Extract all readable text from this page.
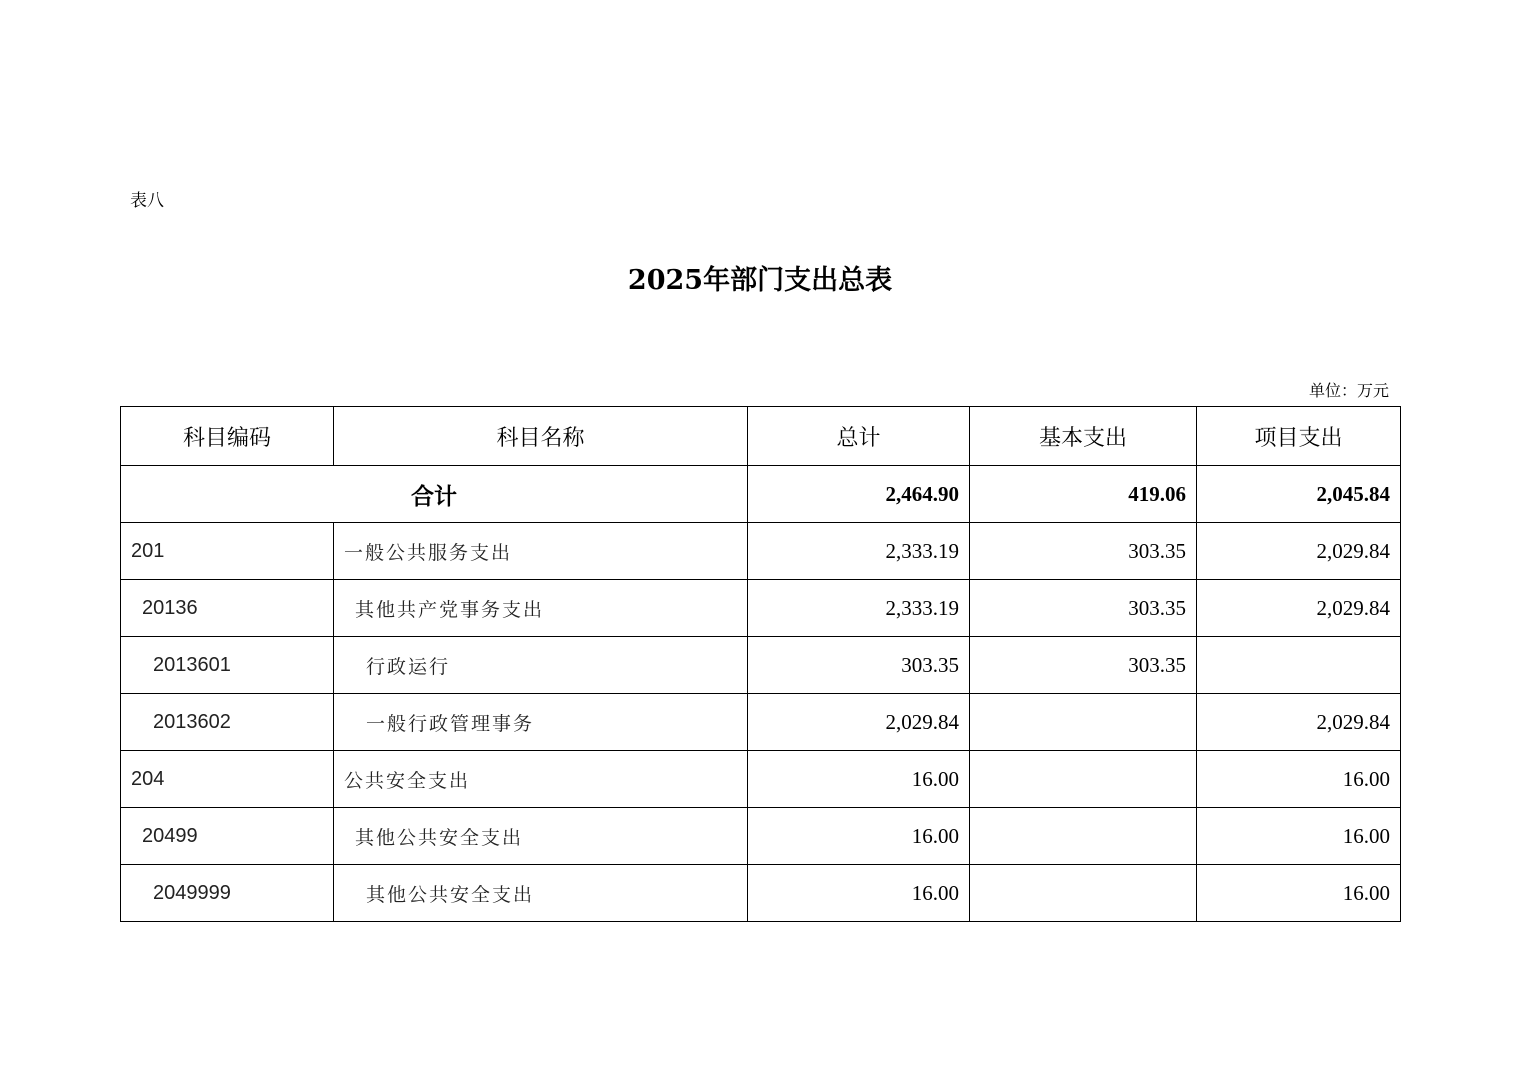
表八
2025年部门支出总表
单位：万元
科目编码	科目名称	总计	基本支出	项目支出
合计		2,464.90	419.06	2,045.84
201	一般公共服务支出	2,333.19	303.35	2,029.84
20136	其他共产党事务支出	2,333.19	303.35	2,029.84
2013601	行政运行	303.35	303.35	
2013602	一般行政管理事务	2,029.84		2,029.84
204	公共安全支出	16.00		16.00
20499	其他公共安全支出	16.00		16.00
2049999	其他公共安全支出	16.00		16.00
